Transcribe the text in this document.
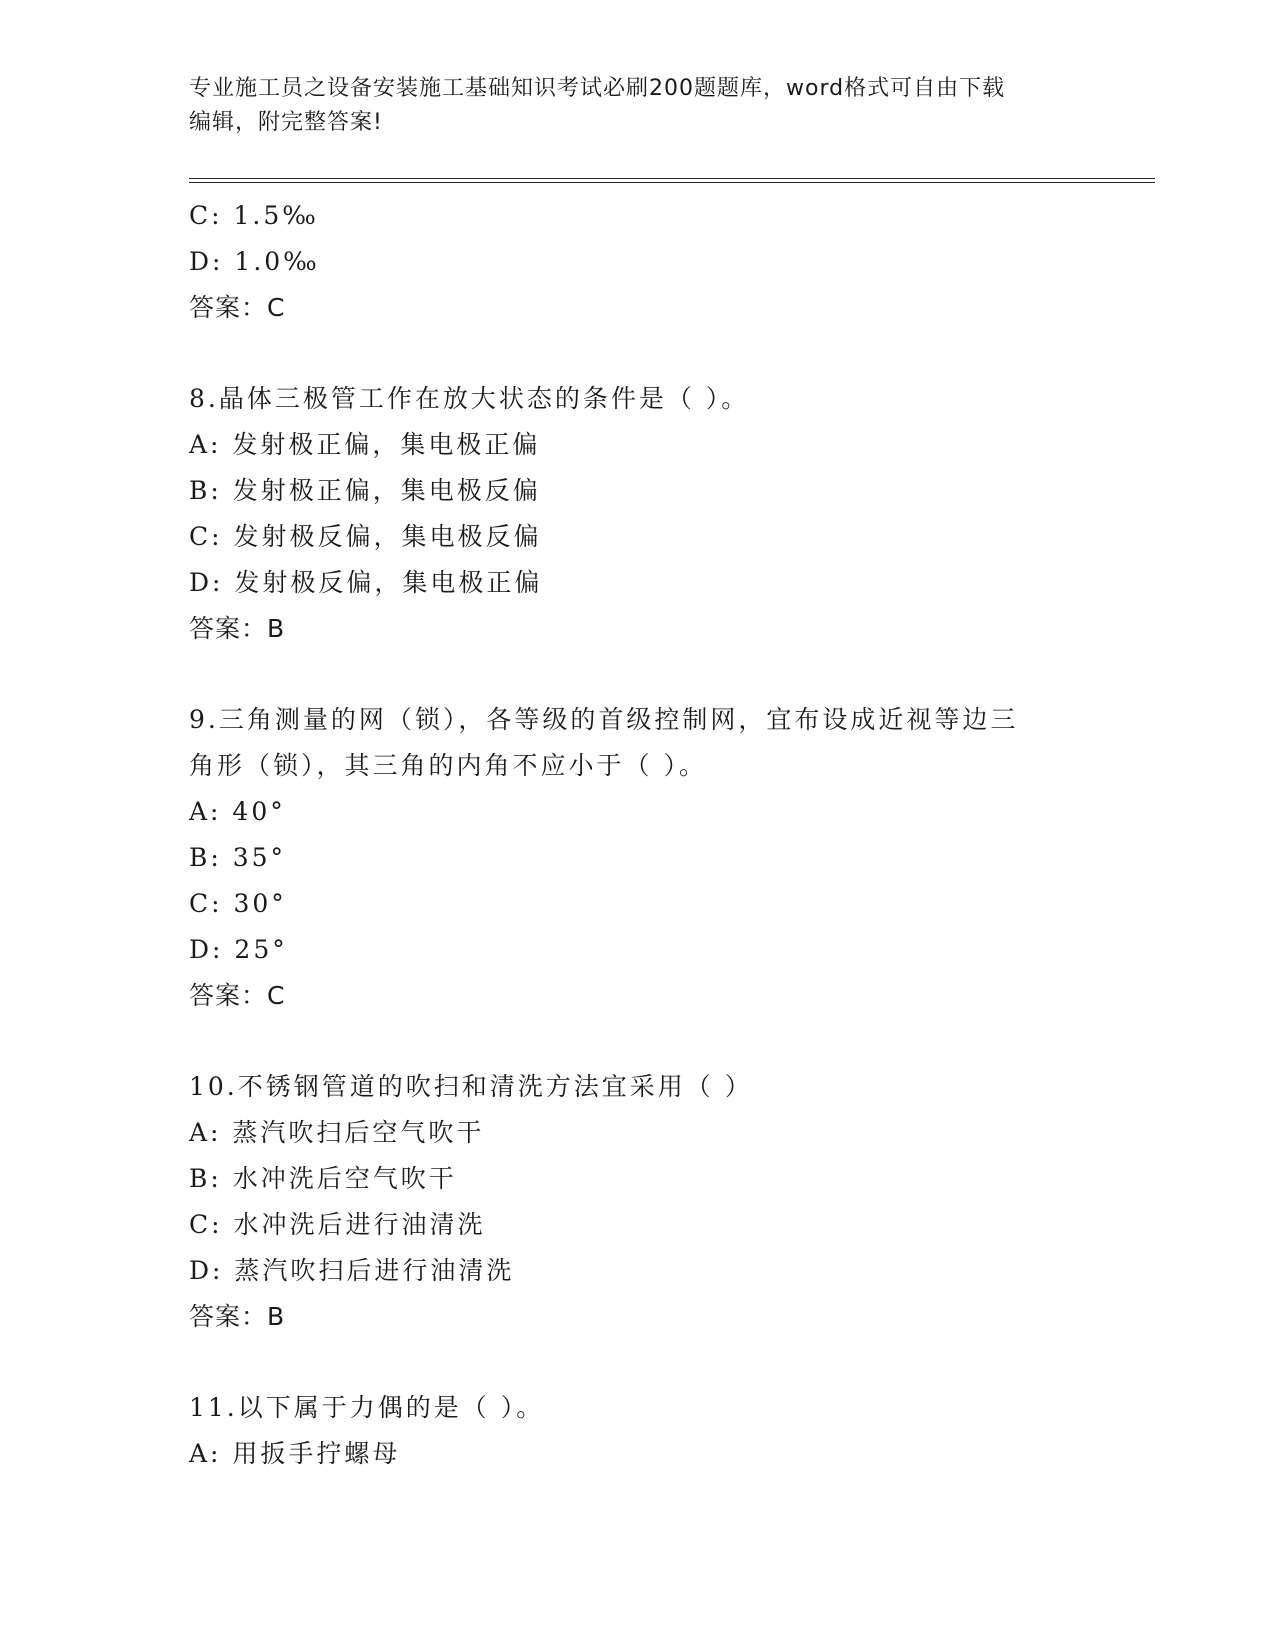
专业施工员之设备安装施工基础知识考试必刷200题题库，word格式可自由下载
编辑，附完整答案!
C: 1.5‰
D: 1.0‰
答案：C
8.晶体三极管工作在放大状态的条件是（ ）。
A: 发射极正偏，集电极正偏
B: 发射极正偏，集电极反偏
C: 发射极反偏，集电极反偏
D: 发射极反偏，集电极正偏
答案：B
9.三角测量的网（锁），各等级的首级控制网，宜布设成近视等边三
角形（锁），其三角的内角不应小于（ ）。
A: 40°
B: 35°
C: 30°
D: 25°
答案：C
10.不锈钢管道的吹扫和清洗方法宜采用（ ）
A: 蒸汽吹扫后空气吹干
B: 水冲洗后空气吹干
C: 水冲洗后进行油清洗
D: 蒸汽吹扫后进行油清洗
答案：B
11.以下属于力偶的是（ ）。
A: 用扳手拧螺母
